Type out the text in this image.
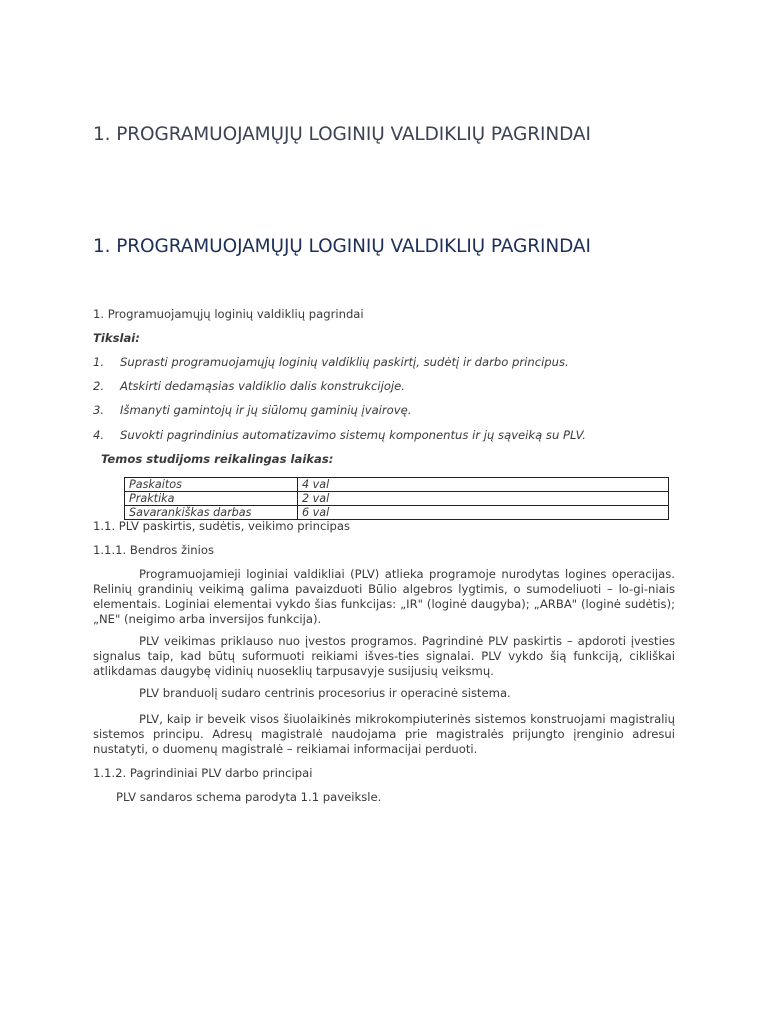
1. PROGRAMUOJAMŲJŲ LOGINIŲ VALDIKLIŲ PAGRINDAI
1. PROGRAMUOJAMŲJŲ LOGINIŲ VALDIKLIŲ PAGRINDAI
1. Programuojamųjų loginių valdiklių pagrindai
Tikslai:
1. Suprasti programuojamųjų loginių valdiklių paskirtį, sudėtį ir darbo principus.
2. Atskirti dedamąsias valdiklio dalis konstrukcijoje.
3. Išmanyti gamintojų ir jų siūlomų gaminių įvairovę.
4. Suvokti pagrindinius automatizavimo sistemų komponentus ir jų sąveiką su PLV.
Temos studijoms reikalingas laikas:
Paskaitos	4 val
Praktika	2 val
Savarankiškas darbas	6 val
1.1. PLV paskirtis, sudėtis, veikimo principas
1.1.1. Bendros žinios
Programuojamieji loginiai valdikliai (PLV) atlieka programoje nurodytas logines operacijas. Relinių grandinių veikimą galima pavaizduoti Būlio algebros lygtimis, o sumodeliuoti – lo-gi-niais elementais. Loginiai elementai vykdo šias funkcijas: „IR" (loginė daugyba); „ARBA" (loginė sudėtis); „NE" (neigimo arba inversijos funkcija).
PLV veikimas priklauso nuo įvestos programos. Pagrindinė PLV paskirtis – apdoroti įvesties signalus taip, kad būtų suformuoti reikiami išves-ties signalai. PLV vykdo šią funkciją, cikliškai atlikdamas daugybę vidinių nuoseklių tarpusavyje susijusių veiksmų.
PLV branduolį sudaro centrinis procesorius ir operacinė sistema.
PLV, kaip ir beveik visos šiuolaikinės mikrokompiuterinės sistemos konstruojami magistralių sistemos principu. Adresų magistralė naudojama prie magistralės prijungto įrenginio adresui nustatyti, o duomenų magistralė – reikiamai informacijai perduoti.
1.1.2. Pagrindiniai PLV darbo principai
PLV sandaros schema parodyta 1.1 paveiksle.
